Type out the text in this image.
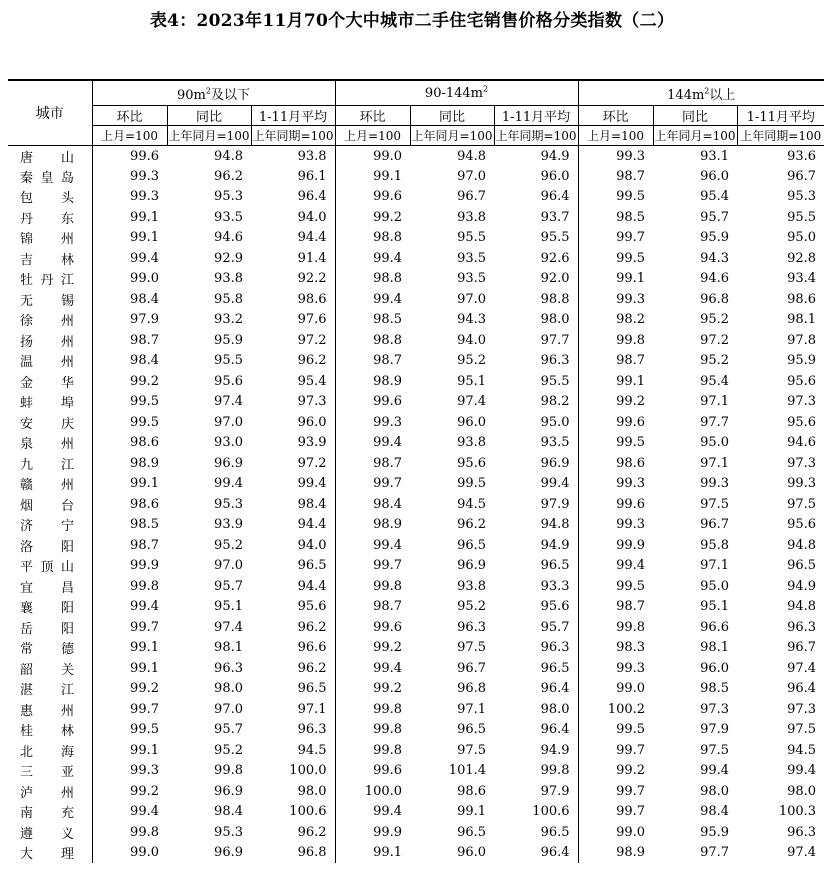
表4：2023年11月70个大中城市二手住宅销售价格分类指数（二）
城市	$90m^2$及以下			$90-144m^2$			$144m^2$以上		
	环比	同比	1-11月平均	环比	同比	1-11月平均	环比	同比	1-11月平均
	上月=100	上年同月=100	上年同期=100	上月=100	上年同月=100	上年同期=100	上月=100	上年同月=100	上年同期=100
唐山	99.6	94.8	93.8	99.0	94.8	94.9	99.3	93.1	93.6
秦皇岛	99.3	96.2	96.1	99.1	97.0	96.0	98.7	96.0	96.7
包头	99.3	95.3	96.4	99.6	96.7	96.4	99.5	95.4	95.3
丹东	99.1	93.5	94.0	99.2	93.8	93.7	98.5	95.7	95.5
锦州	99.1	94.6	94.4	98.8	95.5	95.5	99.7	95.9	95.0
吉林	99.4	92.9	91.4	99.4	93.5	92.6	99.5	94.3	92.8
牡丹江	99.0	93.8	92.2	98.8	93.5	92.0	99.1	94.6	93.4
无锡	98.4	95.8	98.6	99.4	97.0	98.8	99.3	96.8	98.6
徐州	97.9	93.2	97.6	98.5	94.3	98.0	98.2	95.2	98.1
扬州	98.7	95.9	97.2	98.8	94.0	97.7	99.8	97.2	97.8
温州	98.4	95.5	96.2	98.7	95.2	96.3	98.7	95.2	95.9
金华	99.2	95.6	95.4	98.9	95.1	95.5	99.1	95.4	95.6
蚌埠	99.5	97.4	97.3	99.6	97.4	98.2	99.2	97.1	97.3
安庆	99.5	97.0	96.0	99.3	96.0	95.0	99.6	97.7	95.6
泉州	98.6	93.0	93.9	99.4	93.8	93.5	99.5	95.0	94.6
九江	98.9	96.9	97.2	98.7	95.6	96.9	98.6	97.1	97.3
赣州	99.1	99.4	99.4	99.7	99.5	99.4	99.3	99.3	99.3
烟台	98.6	95.3	98.4	98.4	94.5	97.9	99.6	97.5	97.5
济宁	98.5	93.9	94.4	98.9	96.2	94.8	99.3	96.7	95.6
洛阳	98.7	95.2	94.0	99.4	96.5	94.9	99.9	95.8	94.8
平顶山	99.9	97.0	96.5	99.7	96.9	96.5	99.4	97.1	96.5
宜昌	99.8	95.7	94.4	99.8	93.8	93.3	99.5	95.0	94.9
襄阳	99.4	95.1	95.6	98.7	95.2	95.6	98.7	95.1	94.8
岳阳	99.7	97.4	96.2	99.6	96.3	95.7	99.8	96.6	96.3
常德	99.1	98.1	96.6	99.2	97.5	96.3	98.3	98.1	96.7
韶关	99.1	96.3	96.2	99.4	96.7	96.5	99.3	96.0	97.4
湛江	99.2	98.0	96.5	99.2	96.8	96.4	99.0	98.5	96.4
惠州	99.7	97.0	97.1	99.8	97.1	98.0	100.2	97.3	97.3
桂林	99.5	95.7	96.3	99.8	96.5	96.4	99.5	97.9	97.5
北海	99.1	95.2	94.5	99.8	97.5	94.9	99.7	97.5	94.5
三亚	99.3	99.8	100.0	99.6	101.4	99.8	99.2	99.4	99.4
泸州	99.2	96.9	98.0	100.0	98.6	97.9	99.7	98.0	98.0
南充	99.4	98.4	100.6	99.4	99.1	100.6	99.7	98.4	100.3
遵义	99.8	95.3	96.2	99.9	96.5	96.5	99.0	95.9	96.3
大理	99.0	96.9	96.8	99.1	96.0	96.4	98.9	97.7	97.4
